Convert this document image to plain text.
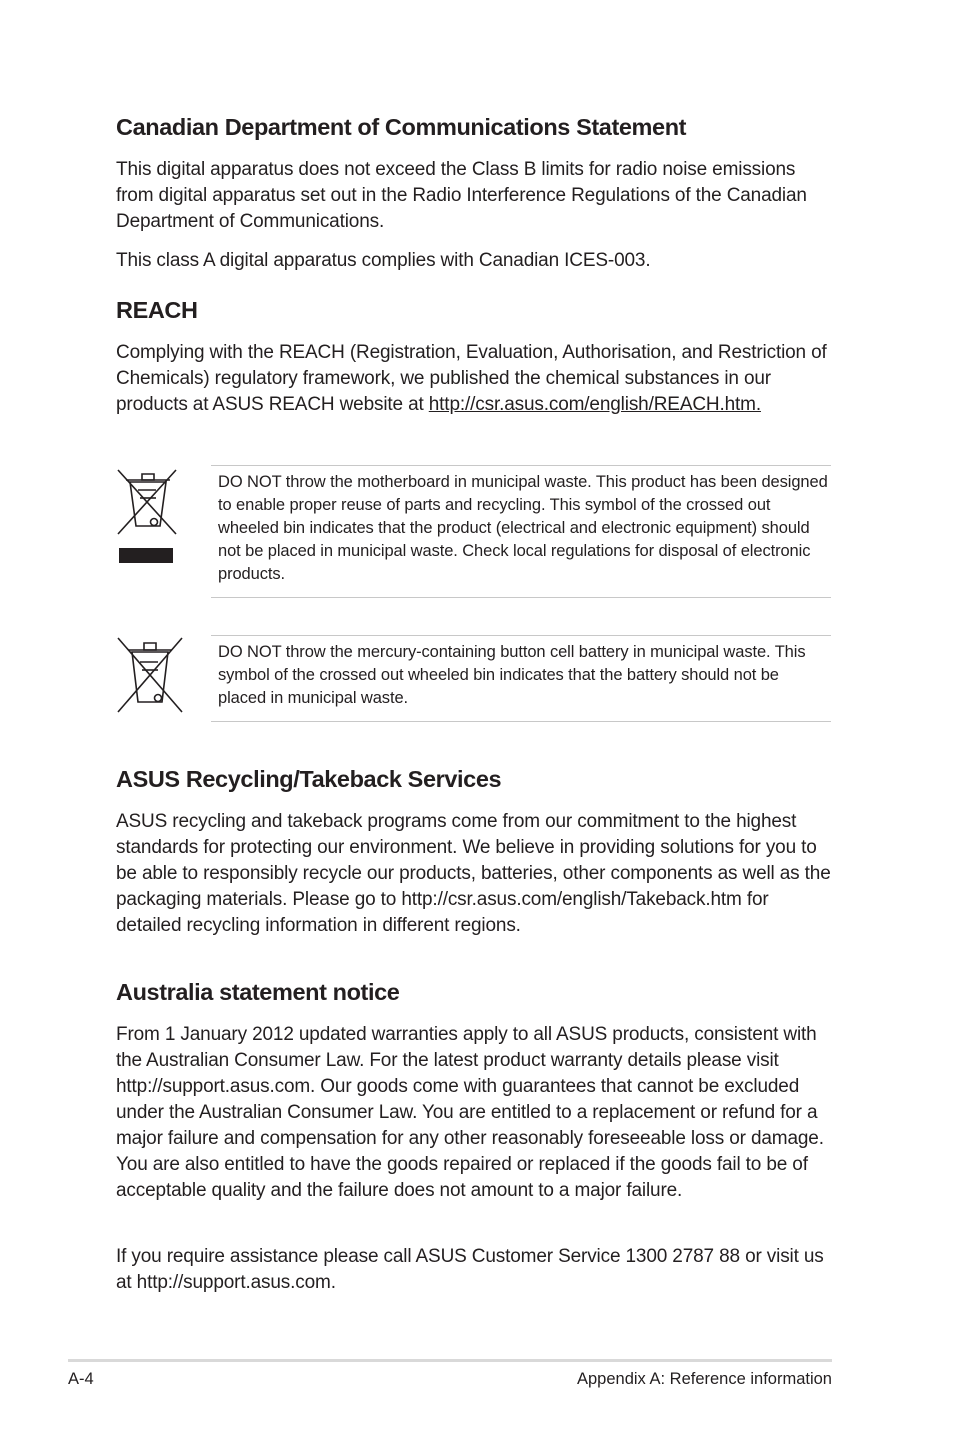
Canadian Department of Communications Statement

This digital apparatus does not exceed the Class B limits for radio noise emissions from digital apparatus set out in the Radio Interference Regulations of the Canadian Department of Communications.

This class A digital apparatus complies with Canadian ICES-003.

REACH

Complying with the REACH (Registration, Evaluation, Authorisation, and Restriction of Chemicals) regulatory framework, we published the chemical substances in our products at ASUS REACH website at http://csr.asus.com/english/REACH.htm.

DO NOT throw the motherboard in municipal waste. This product has been designed to enable proper reuse of parts and recycling. This symbol of the crossed out wheeled bin indicates that the product (electrical and electronic equipment) should not be placed in municipal waste. Check local regulations for disposal of electronic products.

DO NOT throw the mercury-containing button cell battery in municipal waste. This symbol of the crossed out wheeled bin indicates that the battery should not be placed in municipal waste.

ASUS Recycling/Takeback Services

ASUS recycling and takeback programs come from our commitment to the highest standards for protecting our environment. We believe in providing solutions for you to be able to responsibly recycle our products, batteries, other components as well as the packaging materials. Please go to http://csr.asus.com/english/Takeback.htm for detailed recycling information in different regions.

Australia statement notice

From 1 January 2012 updated warranties apply to all ASUS products, consistent with the Australian Consumer Law. For the latest product warranty details please visit http://support.asus.com. Our goods come with guarantees that cannot be excluded under the Australian Consumer Law. You are entitled to a replacement or refund for a major failure and compensation for any other reasonably foreseeable loss or damage. You are also entitled to have the goods repaired or replaced if the goods fail to be of acceptable quality and the failure does not amount to a major failure.

If you require assistance please call ASUS Customer Service 1300 2787 88 or visit us at http://support.asus.com.

A-4	Appendix A: Reference information
